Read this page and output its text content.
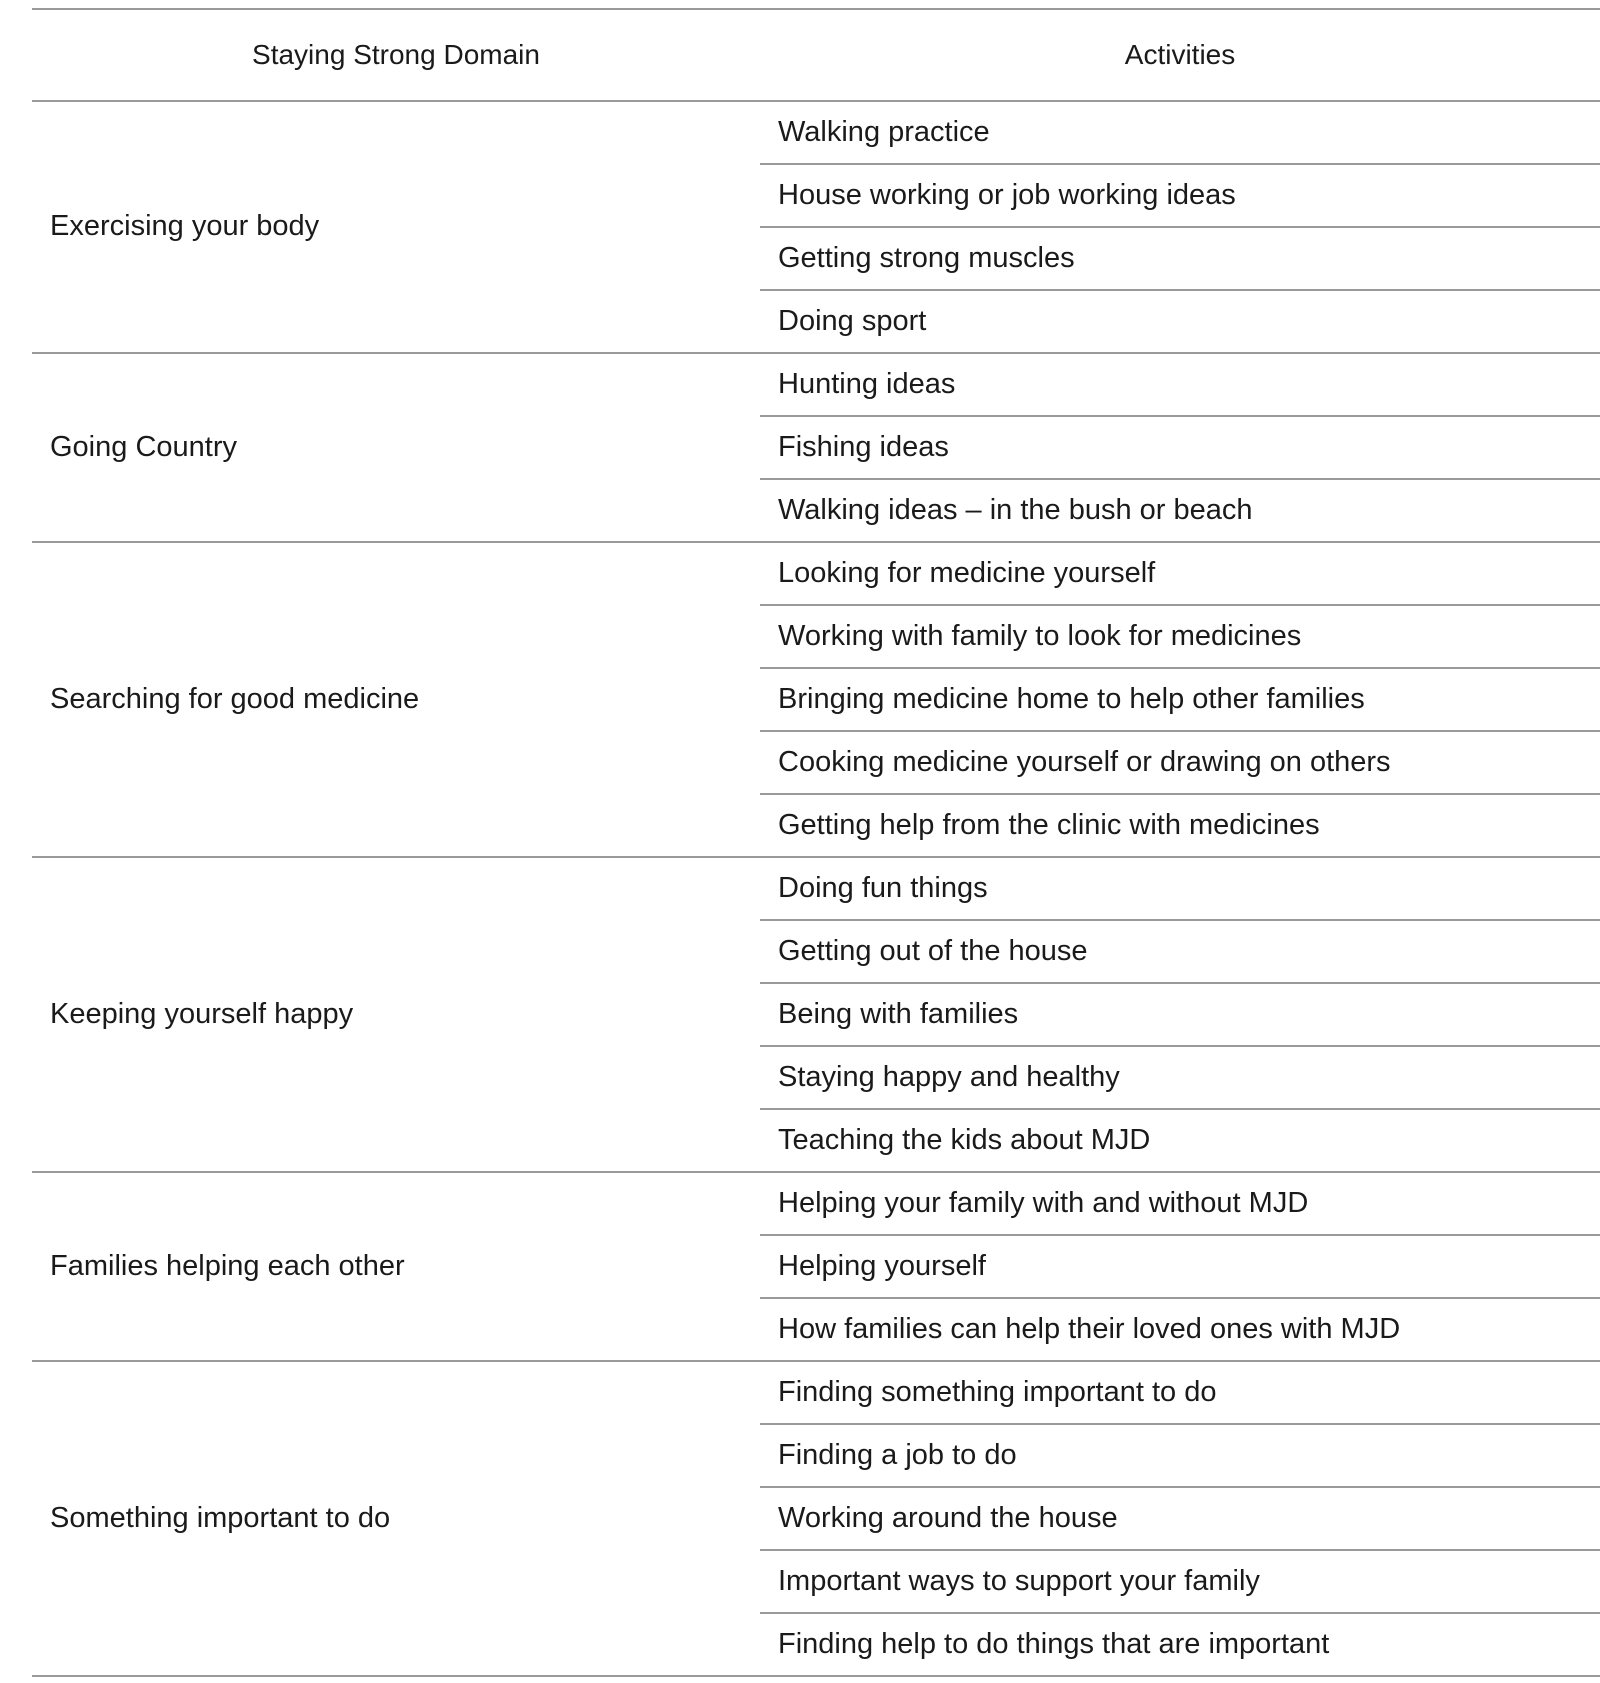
Staying Strong Domain	Activities
Exercising your body	Walking practice
	House working or job working ideas
	Getting strong muscles
	Doing sport
Going Country	Hunting ideas
	Fishing ideas
	Walking ideas – in the bush or beach
Searching for good medicine	Looking for medicine yourself
	Working with family to look for medicines
	Bringing medicine home to help other families
	Cooking medicine yourself or drawing on others
	Getting help from the clinic with medicines
Keeping yourself happy	Doing fun things
	Getting out of the house
	Being with families
	Staying happy and healthy
	Teaching the kids about MJD
Families helping each other	Helping your family with and without MJD
	Helping yourself
	How families can help their loved ones with MJD
Something important to do	Finding something important to do
	Finding a job to do
	Working around the house
	Important ways to support your family
	Finding help to do things that are important
